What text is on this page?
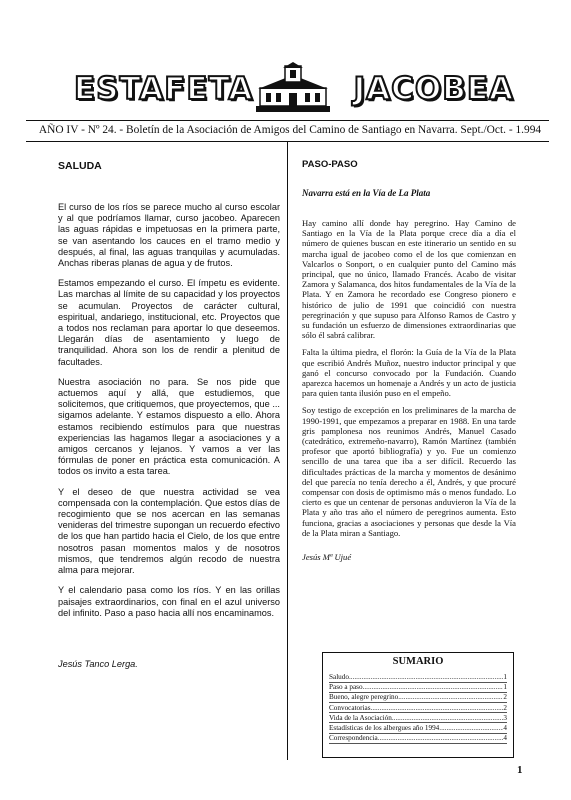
ESTAFETA	JACOBEA
AÑO IV - Nº 24. - Boletín de la Asociación de Amigos del Camino de Santiago en Navarra. Sept./Oct. - 1.994
SALUDA

El curso de los ríos se parece mucho al curso escolar y al que podríamos llamar, curso jacobeo. Aparecen las aguas rápidas e impetuosas en la primera parte, se van asentando los cauces en el tramo medio y después, al final, las aguas tranquilas y acumuladas. Anchas riberas planas de agua y de frutos.

Estamos empezando el curso. El ímpetu es evidente. Las marchas al límite de su capacidad y los proyectos se acumulan. Proyectos de carácter cultural, espiritual, andariego, institucional, etc. Proyectos que a todos nos reclaman para aportar lo que deseemos. Llegarán días de asentamiento y luego de tranquilidad. Ahora son los de rendir a plenitud de facultades.

Nuestra asociación no para. Se nos pide que actuemos aquí y allá, que estudiemos, que solicitemos, que critiquemos, que proyectemos, que ... sigamos adelante. Y estamos dispuesto a ello. Ahora estamos recibiendo estímulos para que nuestras experiencias las hagamos llegar a asociaciones y a amigos cercanos y lejanos. Y vamos a ver las fórmulas de poner en práctica esta comunicación. A todos os invito a esta tarea.

Y el deseo de que nuestra actividad se vea compensada con la contemplación. Que estos días de recogimiento que se nos acercan en las semanas venideras del trimestre supongan un recuerdo efectivo de los que han partido hacia el Cielo, de los que entre nosotros pasan momentos malos y de nosotros mismos, que tendremos algún recodo de nuestra alma para mejorar.

Y el calendario pasa como los ríos. Y en las orillas paisajes extraordinarios, con final en el azul universo del infinito. Paso a paso hacia allí nos encaminamos.

Jesús Tanco Lerga.

PASO-PASO
Navarra está en la Vía de La Plata

Hay camino allí donde hay peregrino. Hay Camino de Santiago en la Vía de la Plata porque crece día a día el número de quienes buscan en este itinerario un sentido en su marcha igual de jacobeo como el de los que comienzan en Valcarlos o Sonport, o en cualquier punto del Camino más principal, que no único, llamado Francés. Acabo de visitar Zamora y Salamanca, dos hitos fundamentales de la Vía de la Plata. Y en Zamora he recordado ese Congreso pionero e histórico de julio de 1991 que coincidió con nuestra peregrinación y que supuso para Alfonso Ramos de Castro y su fundación un esfuerzo de dimensiones extraordinarias que sólo él sabrá calibrar.

Falta la última piedra, el florón: la Guía de la Vía de la Plata que escribió Andrés Muñoz, nuestro inductor principal y que ganó el concurso convocado por la Fundación. Cuando aparezca hacemos un homenaje a Andrés y un acto de justicia para quien tanta ilusión puso en el empeño.

Soy testigo de excepción en los preliminares de la marcha de 1990-1991, que empezamos a preparar en 1988. En una tarde gris pamplonesa nos reunimos Andrés, Manuel Casado (catedrático, extremeño-navarro), Ramón Martínez (también profesor que aportó bibliografía) y yo. Fue un comienzo sencillo de una tarea que iba a ser difícil. Recuerdo las dificultades prácticas de la marcha y momentos de desánimo del que parecía no tenía derecho a él, Andrés, y que procuré compensar con dosis de optimismo más o menos fundado. Lo cierto es que un centenar de personas anduvieron la Vía de la Plata y año tras año el número de peregrinos aumenta. Esto funciona, gracias a asociaciones y personas que desde la Vía de la Plata miran a Santiago.

Jesús Mª Ujué

SUMARIO
Saludo .....	1
Paso a paso .....	1
Bueno, alegre peregrino .....	2
Convocatorias .....	2
Vida de la Asociación .....	3
Estadísticas de los albergues año 1994 .....	4
Correspondencia .....	4
1
